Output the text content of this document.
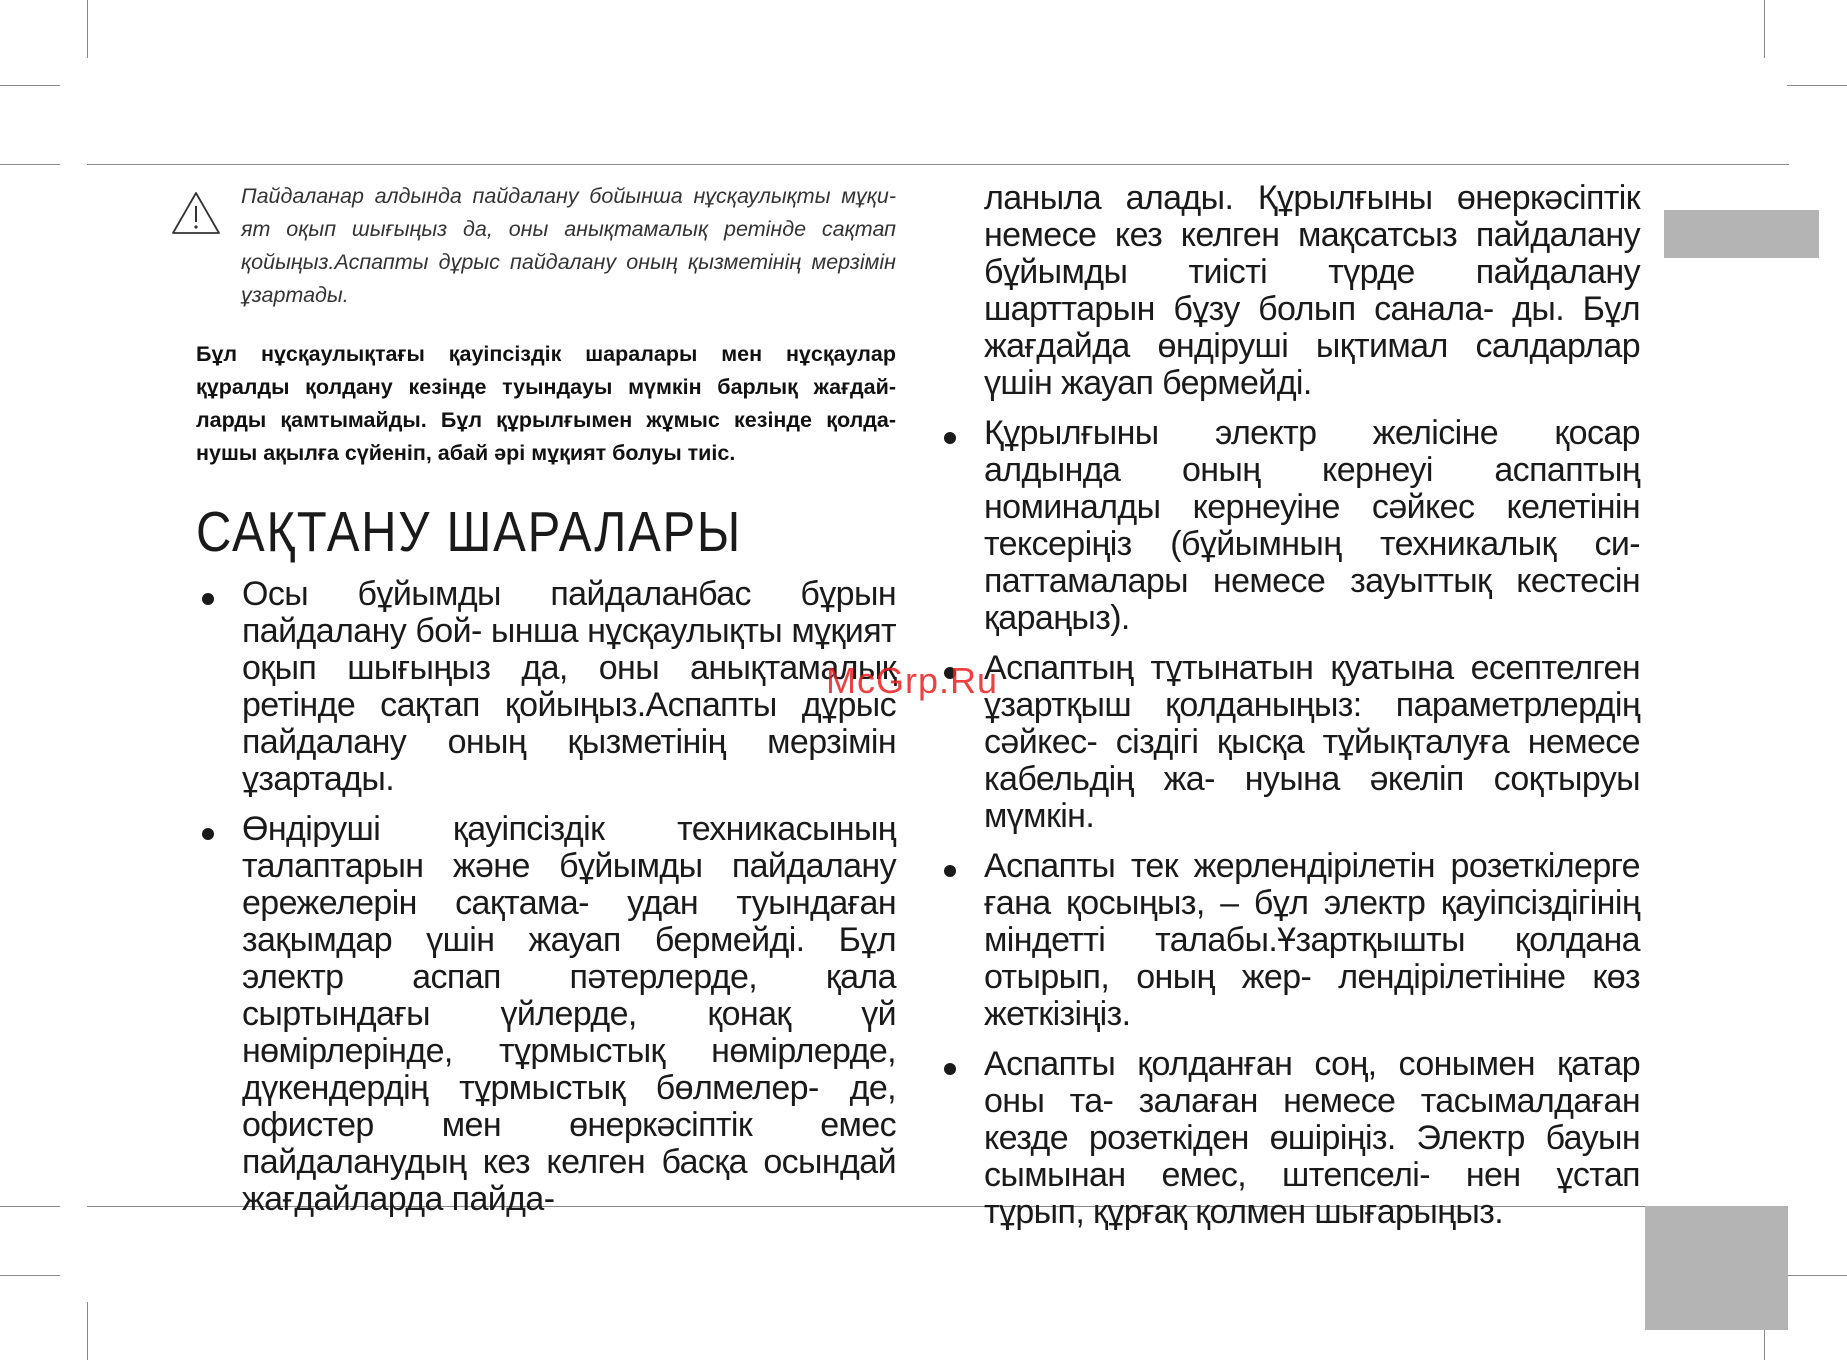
Пайдаланар алдында пайдалану бойынша нұсқаулықты мұқи- ят оқып шығыңыз да, оны анықтамалық ретінде сақтап қойыңыз.Аспапты дұрыс пайдалану оның қызметінің мерзімін ұзартады.
Бұл нұсқаулықтағы қауіпсіздік шаралары мен нұсқаулар құралды қолдану кезінде туындауы мүмкін барлық жағдай- ларды қамтымайды. Бұл құрылғымен жұмыс кезінде қолда- нушы ақылға сүйеніп, абай әрі мұқият болуы тиіс.
САҚТАНУ ШАРАЛАРЫ
Осы бұйымды пайдаланбас бұрын пайдалану бой- ынша нұсқаулықты мұқият оқып шығыңыз да, оны анықтамалық ретінде сақтап қойыңыз.Аспапты дұрыс пайдалану оның қызметінің мерзімін ұзартады.
Өндіруші қауіпсіздік техникасының талаптарын және бұйымды пайдалану ережелерін сақтама- удан туындаған зақымдар үшін жауап бермейді. Бұл электр аспап пәтерлерде, қала сыртындағы үйлерде, қонақ үй нөмірлерінде, тұрмыстық нөмірлерде, дүкендердің тұрмыстық бөлмелер- де, офистер мен өнеркәсіптік емес пайдаланудың кез келген басқа осындай жағдайларда пайда-

ланыла алады. Құрылғыны өнеркәсіптік немесе кез келген мақсатсыз пайдалану бұйымды тиісті түрде пайдалану шарттарын бұзу болып санала- ды. Бұл жағдайда өндіруші ықтимал салдарлар үшін жауап бермейді.

Құрылғыны электр желісіне қосар алдында оның кернеуі аспаптың номиналды кернеуіне сәйкес келетінін тексеріңіз (бұйымның техникалық си- паттамалары немесе зауыттық кестесін қараңыз).
Аспаптың тұтынатын қуатына есептелген ұзартқыш қолданыңыз: параметрлердің сәйкес- сіздігі қысқа тұйықталуға немесе кабельдің жа- нуына әкеліп соқтыруы мүмкін.
Аспапты тек жерлендірілетін розеткілерге ғана қосыңыз, – бұл электр қауіпсіздігінің міндетті талабы.Ұзартқышты қолдана отырып, оның жер- лендірілетініне көз жеткізіңіз.
Аспапты қолданған соң, сонымен қатар оны та- залаған немесе тасымалдаған кезде розеткіден өшіріңіз. Электр бауын сымынан емес, штепселі- нен ұстап тұрып, құрғақ қолмен шығарыңыз.
McGrp.Ru
